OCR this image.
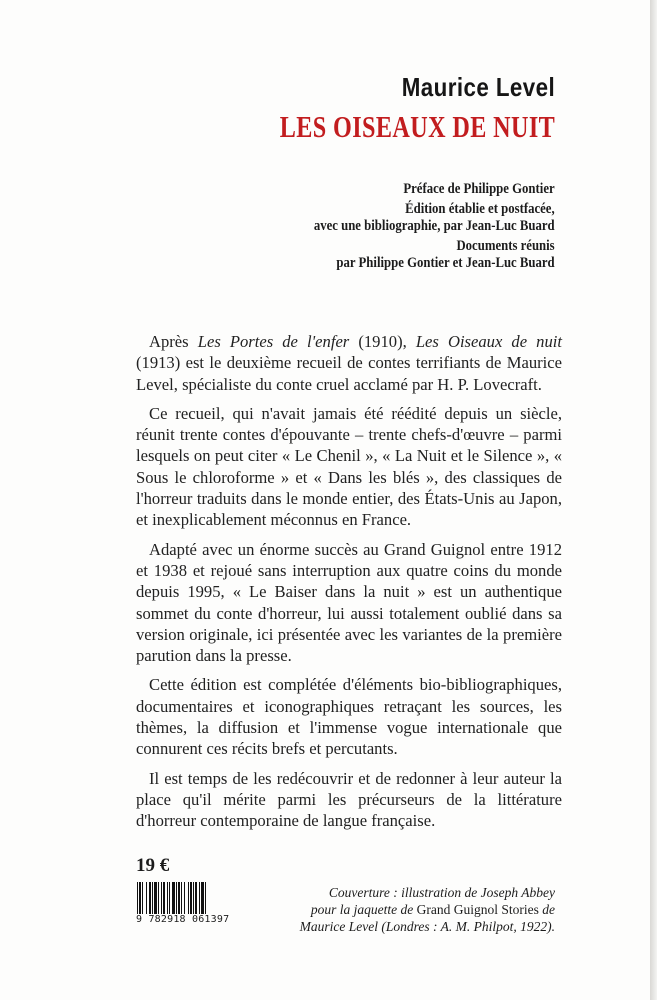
Maurice Level
LES OISEAUX DE NUIT

Préface de Philippe Gontier

Édition établie et postfacée,

avec une bibliographie, par Jean-Luc Buard

Documents réunis

par Philippe Gontier et Jean-Luc Buard

Après Les Portes de l'enfer (1910), Les Oiseaux de nuit (1913) est le deuxième recueil de contes terrifiants de Maurice Level, spécialiste du conte cruel acclamé par H. P. Lovecraft.

Ce recueil, qui n'avait jamais été réédité depuis un siècle, réunit trente contes d'épouvante – trente chefs-d'œuvre – parmi lesquels on peut citer « Le Chenil », « La Nuit et le Silence », « Sous le chloroforme » et « Dans les blés », des classiques de l'horreur traduits dans le monde entier, des États-Unis au Japon, et inexplicablement méconnus en France.

Adapté avec un énorme succès au Grand Guignol entre 1912 et 1938 et rejoué sans interruption aux quatre coins du monde depuis 1995, « Le Baiser dans la nuit » est un authentique sommet du conte d'horreur, lui aussi totalement oublié dans sa version originale, ici présentée avec les variantes de la première parution dans la presse.

Cette édition est complétée d'éléments bio-bibliographiques, documentaires et iconographiques retraçant les sources, les thèmes, la diffusion et l'immense vogue internationale que connurent ces récits brefs et percutants.

Il est temps de les redécouvrir et de redonner à leur auteur la place qu'il mérite parmi les précurseurs de la littérature d'horreur contemporaine de langue française.

19 €
9 782918 061397
Couverture : illustration de Joseph Abbey
pour la jaquette de Grand Guignol Stories de
Maurice Level (Londres : A. M. Philpot, 1922).
